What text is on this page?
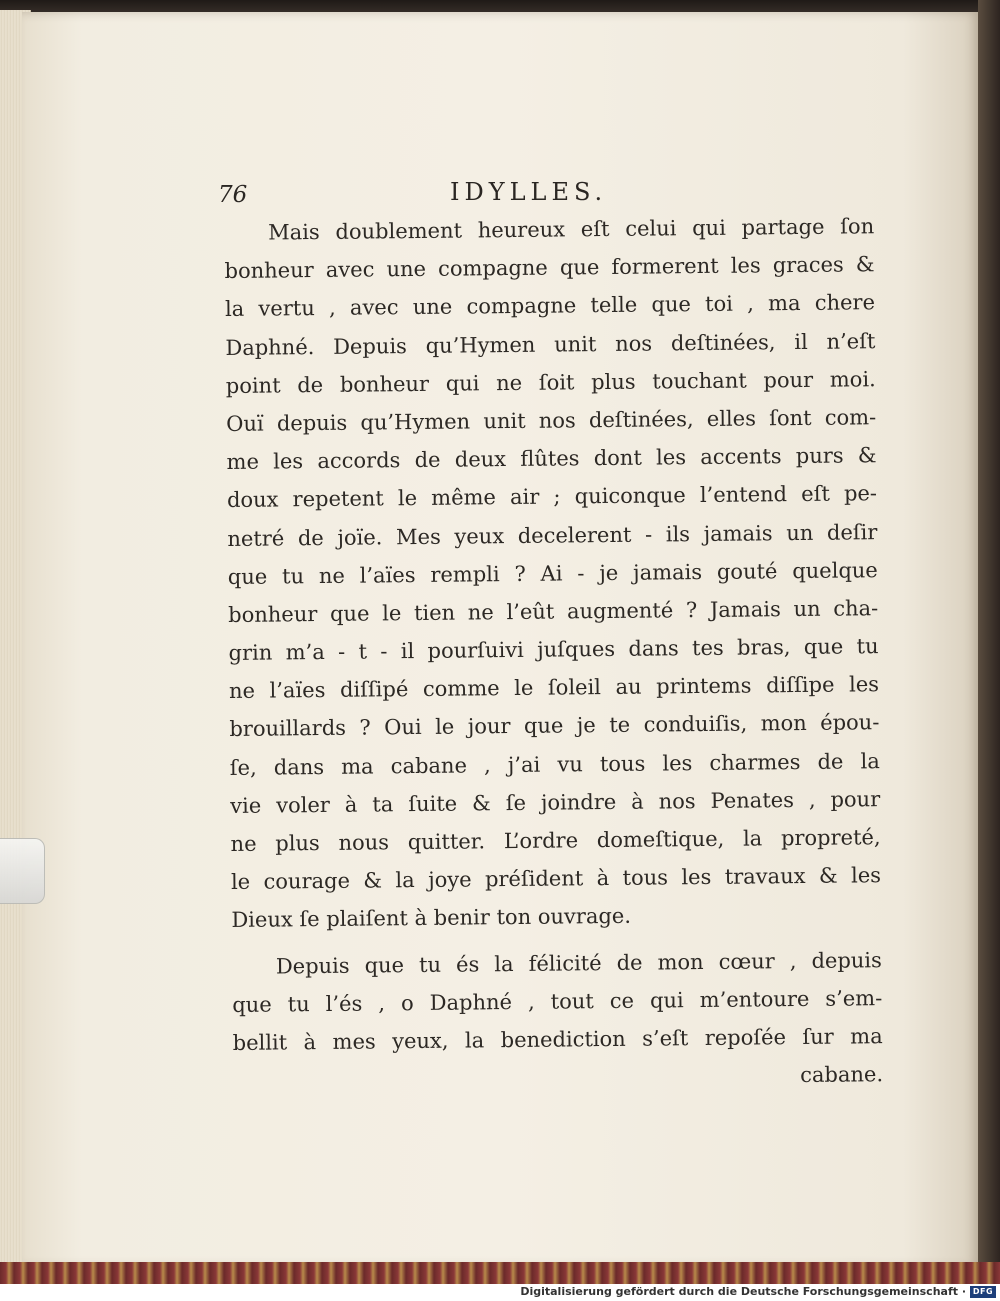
76	IDYLLES.
Mais doublement heureux eſt celui qui partage ſon
bonheur avec une compagne que formerent les graces &
la vertu , avec une compagne telle que toi , ma chere
Daphné. Depuis qu’Hymen unit nos deſtinées, il n’eſt
point de bonheur qui ne ſoit plus touchant pour moi.
Ouï depuis qu’Hymen unit nos deſtinées, elles ſont com-
me les accords de deux flûtes dont les accents purs &
doux repetent le même air ; quiconque l’entend eſt pe-
netré de joïe. Mes yeux decelerent - ils jamais un deſir
que tu ne l’aïes rempli ? Ai - je jamais gouté quelque
bonheur que le tien ne l’eût augmenté ? Jamais un cha-
grin m’a - t - il pourſuivi juſques dans tes bras, que tu
ne l’aïes diſſipé comme le ſoleil au printems diſſipe les
brouillards ? Oui le jour que je te conduiſis, mon épou-
ſe, dans ma cabane , j’ai vu tous les charmes de la
vie voler à ta ſuite & ſe joindre à nos Penates , pour
ne plus nous quitter. L’ordre domeſtique, la propreté,
le courage & la joye préſident à tous les travaux & les
Dieux ſe plaiſent à benir ton ouvrage.
Depuis que tu és la félicité de mon cœur , depuis
que tu l’és , o Daphné , tout ce qui m’entoure s’em-
bellit à mes yeux, la benediction s’eſt repoſée ſur ma
cabane.
Digitalisierung gefördert durch die Deutsche Forschungsgemeinschaft · DFG
